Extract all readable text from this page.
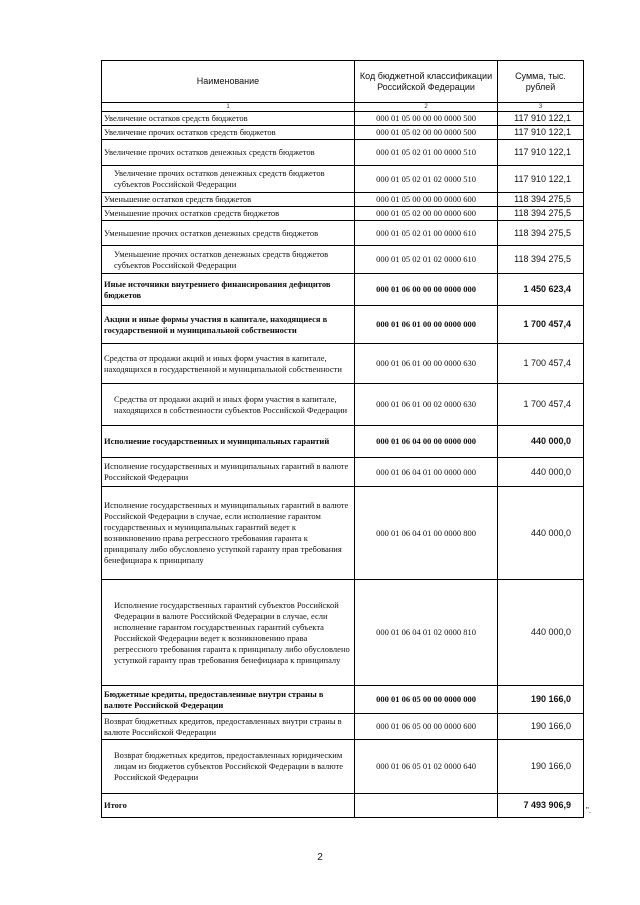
Наименование	Код бюджетной классификации Российской Федерации	Сумма, тыс. рублей
1	2	3
Увеличение остатков средств бюджетов	000 01 05 00 00 00 0000 500	117 910 122,1
Увеличение прочих остатков средств бюджетов	000 01 05 02 00 00 0000 500	117 910 122,1
Увеличение прочих остатков денежных средств бюджетов	000 01 05 02 01 00 0000 510	117 910 122,1
Увеличение прочих остатков денежных средств бюджетов субъектов Российской Федерации	000 01 05 02 01 02 0000 510	117 910 122,1
Уменьшение остатков средств бюджетов	000 01 05 00 00 00 0000 600	118 394 275,5
Уменьшение прочих остатков средств бюджетов	000 01 05 02 00 00 0000 600	118 394 275,5
Уменьшение прочих остатков денежных средств бюджетов	000 01 05 02 01 00 0000 610	118 394 275,5
Уменьшение прочих остатков денежных средств бюджетов субъектов Российской Федерации	000 01 05 02 01 02 0000 610	118 394 275,5
Иные источники внутреннего финансирования дефицитов бюджетов	000 01 06 00 00 00 0000 000	1 450 623,4
Акции и иные формы участия в капитале, находящиеся в государственной и муниципальной собственности	000 01 06 01 00 00 0000 000	1 700 457,4
Средства от продажи акций и иных форм участия в капитале, находящихся в государственной и муниципальной собственности	000 01 06 01 00 00 0000 630	1 700 457,4
Средства от продажи акций и иных форм участия в капитале, находящихся в собственности субъектов Российской Федерации	000 01 06 01 00 02 0000 630	1 700 457,4
Исполнение государственных и муниципальных гарантий	000 01 06 04 00 00 0000 000	440 000,0
Исполнение государственных и муниципальных гарантий в валюте Российской Федерации	000 01 06 04 01 00 0000 000	440 000,0
Исполнение государственных и муниципальных гарантий в валюте Российской Федерации в случае, если исполнение гарантом государственных и муниципальных гарантий ведет к возникновению права регрессного требования гаранта к принципалу либо обусловлено уступкой гаранту прав требования бенефициара к принципалу	000 01 06 04 01 00 0000 800	440 000,0
Исполнение государственных гарантий субъектов Российской Федерации в валюте Российской Федерации в случае, если исполнение гарантом государственных гарантий субъекта Российской Федерации ведет к возникновению права регрессного требования гаранта к принципалу либо обусловлено уступкой гаранту прав требования бенефициара к принципалу	000 01 06 04 01 02 0000 810	440 000,0
Бюджетные кредиты, предоставленные внутри страны в валюте Российской Федерации	000 01 06 05 00 00 0000 000	190 166,0
Возврат бюджетных кредитов, предоставленных внутри страны в валюте Российской Федерации	000 01 06 05 00 00 0000 600	190 166,0
Возврат бюджетных кредитов, предоставленных юридическим лицам из бюджетов субъектов Российской Федерации в валюте Российской Федерации	000 01 06 05 01 02 0000 640	190 166,0
Итого		7 493 906,9
".
2
